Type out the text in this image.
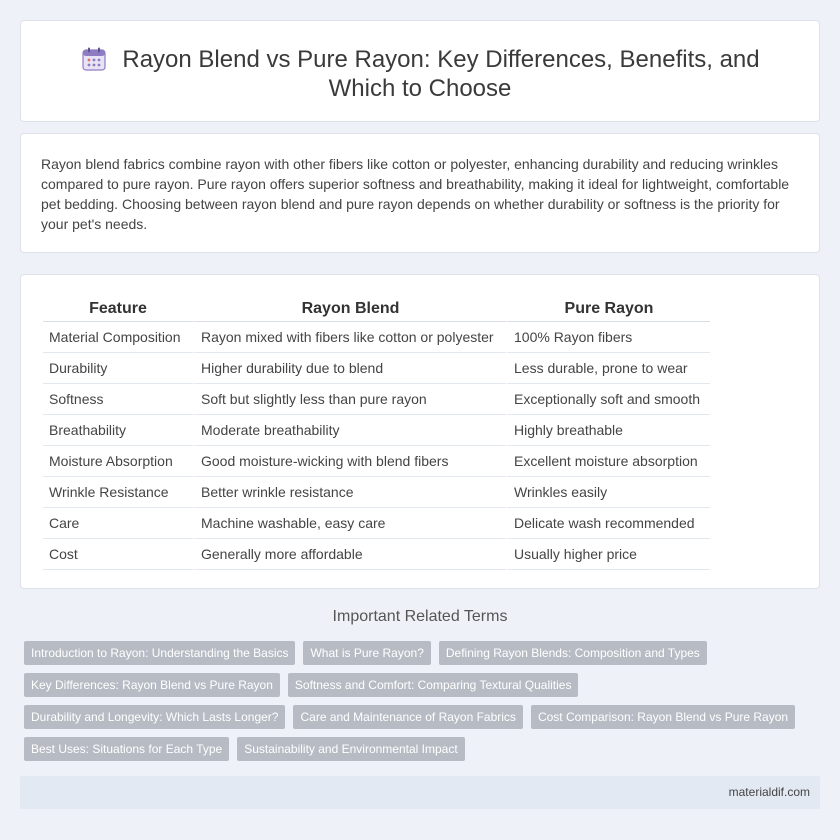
Rayon Blend vs Pure Rayon: Key Differences, Benefits, and Which to Choose

Rayon blend fabrics combine rayon with other fibers like cotton or polyester, enhancing durability and reducing wrinkles compared to pure rayon. Pure rayon offers superior softness and breathability, making it ideal for lightweight, comfortable pet bedding. Choosing between rayon blend and pure rayon depends on whether durability or softness is the priority for your pet's needs.

Feature	Rayon Blend	Pure Rayon
Material Composition	Rayon mixed with fibers like cotton or polyester	100% Rayon fibers
Durability	Higher durability due to blend	Less durable, prone to wear
Softness	Soft but slightly less than pure rayon	Exceptionally soft and smooth
Breathability	Moderate breathability	Highly breathable
Moisture Absorption	Good moisture-wicking with blend fibers	Excellent moisture absorption
Wrinkle Resistance	Better wrinkle resistance	Wrinkles easily
Care	Machine washable, easy care	Delicate wash recommended
Cost	Generally more affordable	Usually higher price
Important Related Terms
Introduction to Rayon: Understanding the Basics	What is Pure Rayon?	Defining Rayon Blends: Composition and Types
Key Differences: Rayon Blend vs Pure Rayon	Softness and Comfort: Comparing Textural Qualities
Durability and Longevity: Which Lasts Longer?	Care and Maintenance of Rayon Fabrics	Cost Comparison: Rayon Blend vs Pure Rayon
Best Uses: Situations for Each Type	Sustainability and Environmental Impact
materialdif.com
